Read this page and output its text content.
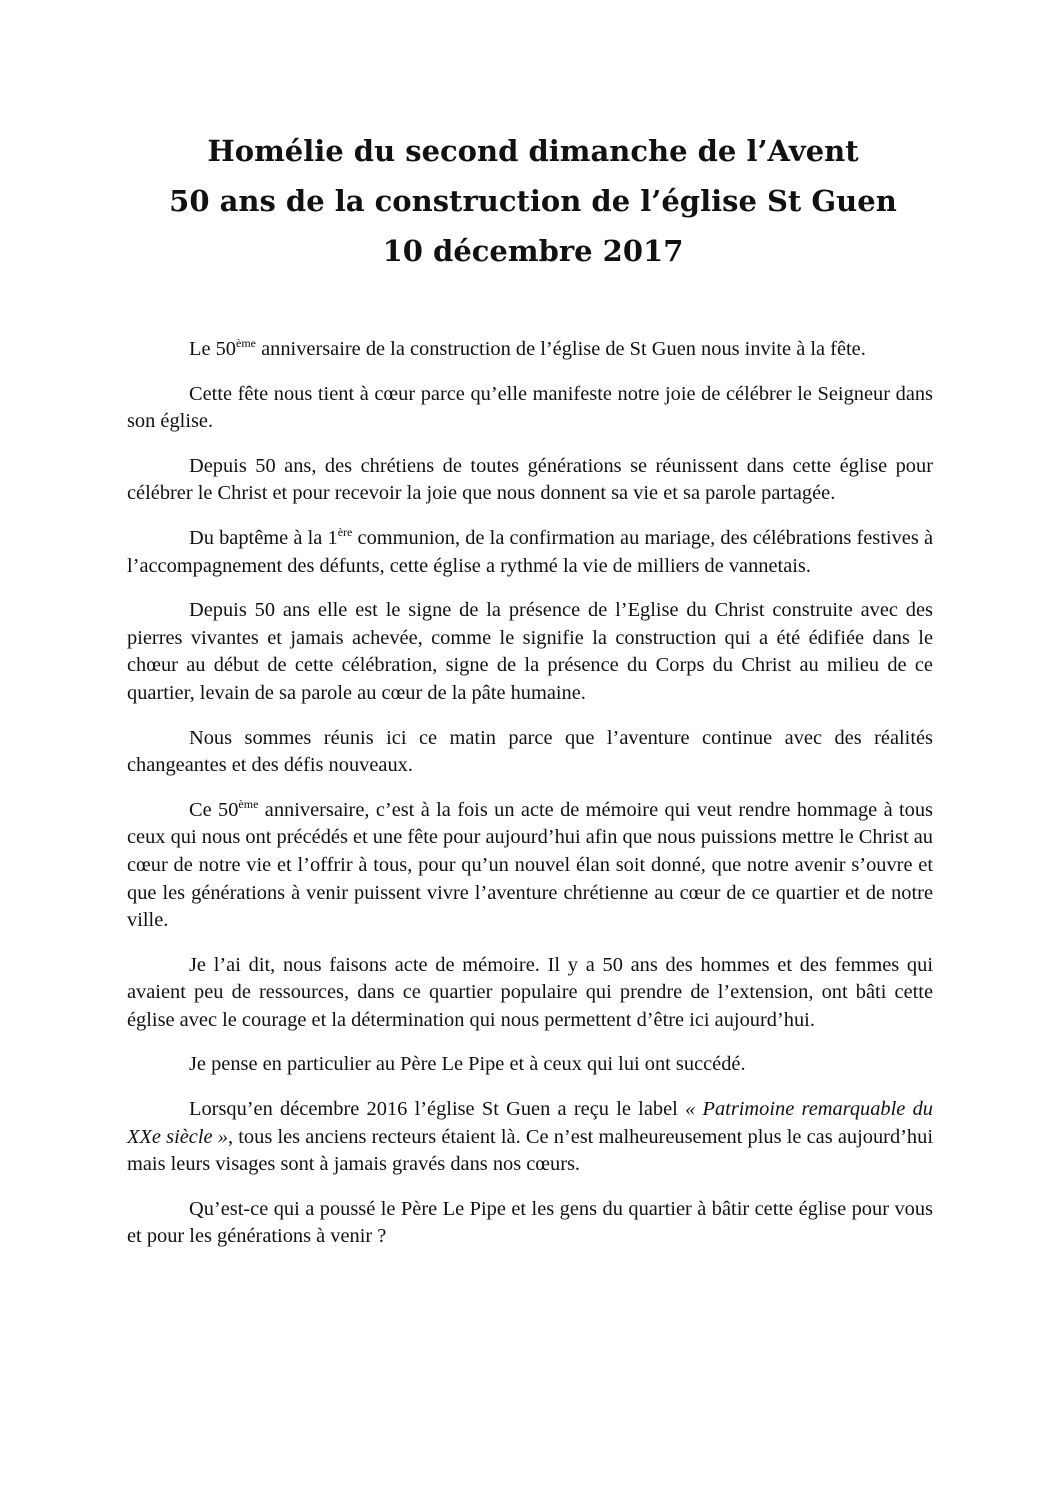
Homélie du second dimanche de l’Avent

50 ans de la construction de l’église St Guen

10 décembre 2017

Le 50ème anniversaire de la construction de l’église de St Guen nous invite à la fête.

Cette fête nous tient à cœur parce qu’elle manifeste notre joie de célébrer le Seigneur dans son église.

Depuis 50 ans, des chrétiens de toutes générations se réunissent dans cette église pour célébrer le Christ et pour recevoir la joie que nous donnent sa vie et sa parole partagée.

Du baptême à la 1ère communion, de la confirmation au mariage, des célébrations festives à l’accompagnement des défunts, cette église a rythmé la vie de milliers de vannetais.

Depuis 50 ans elle est le signe de la présence de l’Eglise du Christ construite avec des pierres vivantes et jamais achevée, comme le signifie la construction qui a été édifiée dans le chœur au début de cette célébration, signe de la présence du Corps du Christ au milieu de ce quartier, levain de sa parole au cœur de la pâte humaine.

Nous sommes réunis ici ce matin parce que l’aventure continue avec des réalités changeantes et des défis nouveaux.

Ce 50ème anniversaire, c’est à la fois un acte de mémoire qui veut rendre hommage à tous ceux qui nous ont précédés et une fête pour aujourd’hui afin que nous puissions mettre le Christ au cœur de notre vie et l’offrir à tous, pour qu’un nouvel élan soit donné, que notre avenir s’ouvre et que les générations à venir puissent vivre l’aventure chrétienne au cœur de ce quartier et de notre ville.

Je l’ai dit, nous faisons acte de mémoire. Il y a 50 ans des hommes et des femmes qui avaient peu de ressources, dans ce quartier populaire qui prendre de l’extension, ont bâti cette église avec le courage et la détermination qui nous permettent d’être ici aujourd’hui.

Je pense en particulier au Père Le Pipe et à ceux qui lui ont succédé.

Lorsqu’en décembre 2016 l’église St Guen a reçu le label « Patrimoine remarquable du XXe siècle », tous les anciens recteurs étaient là. Ce n’est malheureusement plus le cas aujourd’hui mais leurs visages sont à jamais gravés dans nos cœurs.

Qu’est-ce qui a poussé le Père Le Pipe et les gens du quartier à bâtir cette église pour vous et pour les générations à venir ?
